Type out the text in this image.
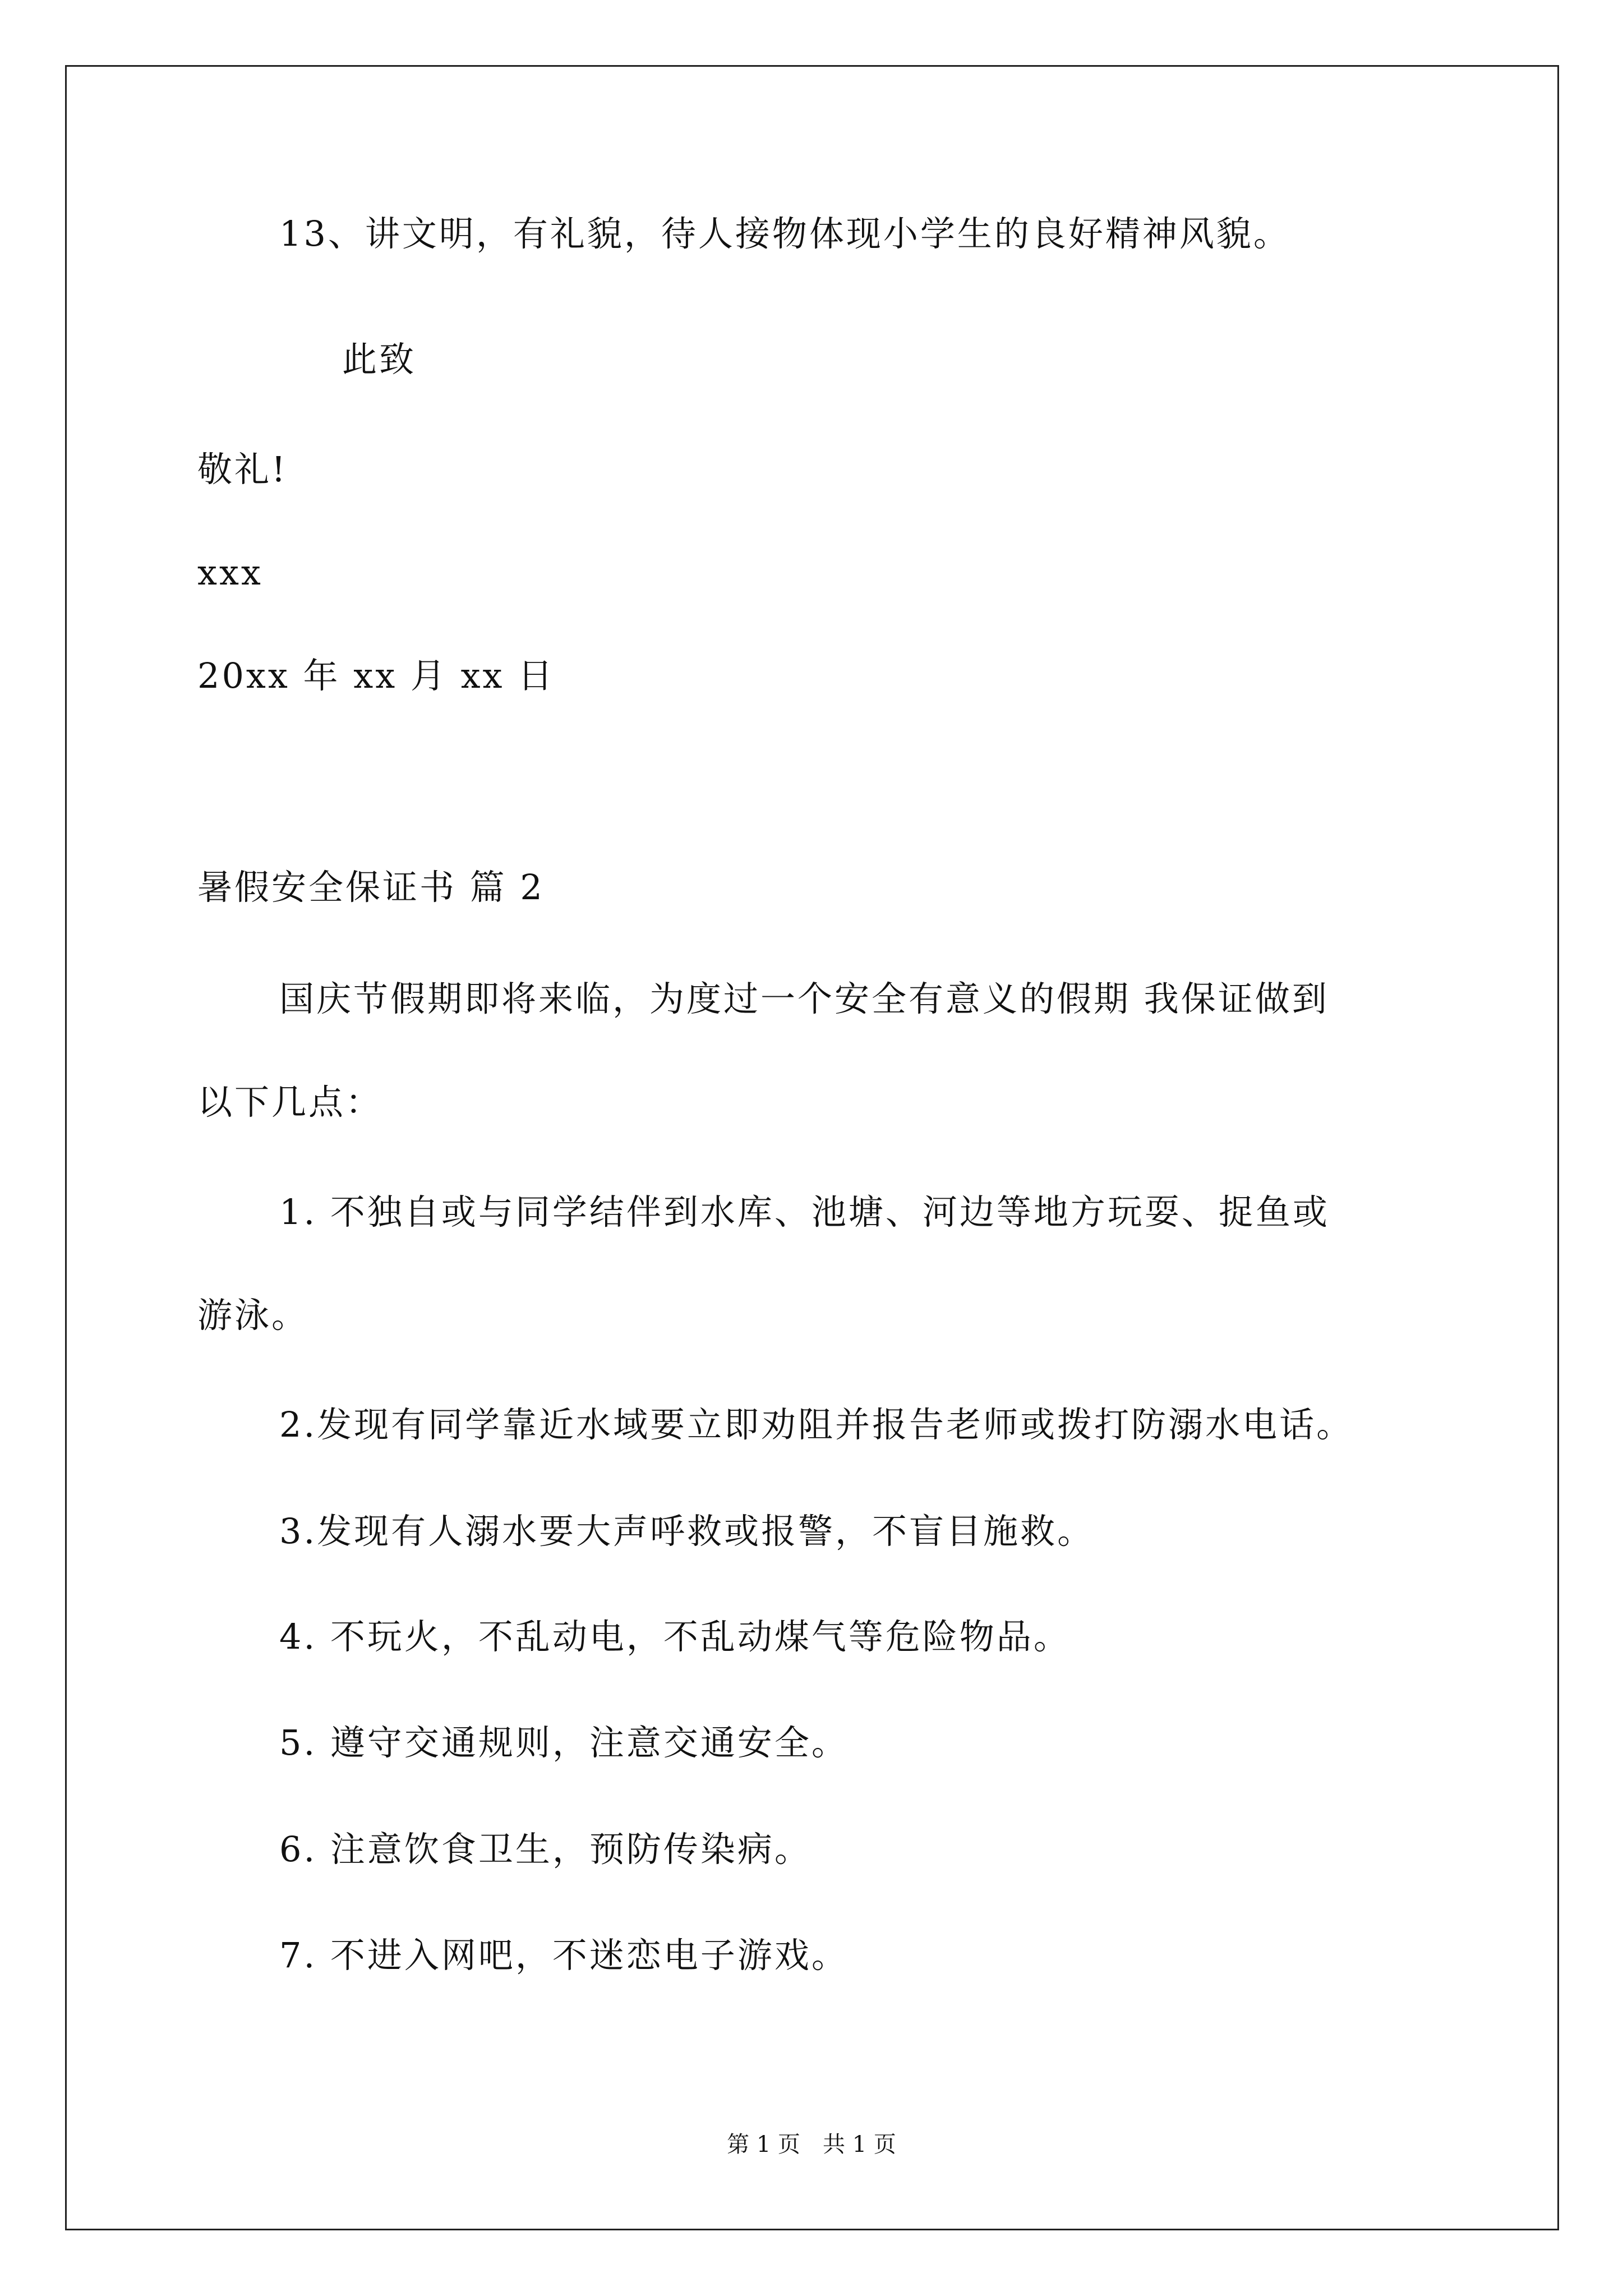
13、讲文明，有礼貌，待人接物体现小学生的良好精神风貌。
此致
敬礼!
xxx
20xx 年 xx 月 xx 日
暑假安全保证书 篇 2
国庆节假期即将来临，为度过一个安全有意义的假期 我保证做到
以下几点：
1. 不独自或与同学结伴到水库、池塘、河边等地方玩耍、捉鱼或
游泳。
2.发现有同学靠近水域要立即劝阻并报告老师或拨打防溺水电话。
3.发现有人溺水要大声呼救或报警，不盲目施救。
4. 不玩火，不乱动电，不乱动煤气等危险物品。
5. 遵守交通规则，注意交通安全。
6. 注意饮食卫生，预防传染病。
7. 不进入网吧，不迷恋电子游戏。
第 1 页 共 1 页
